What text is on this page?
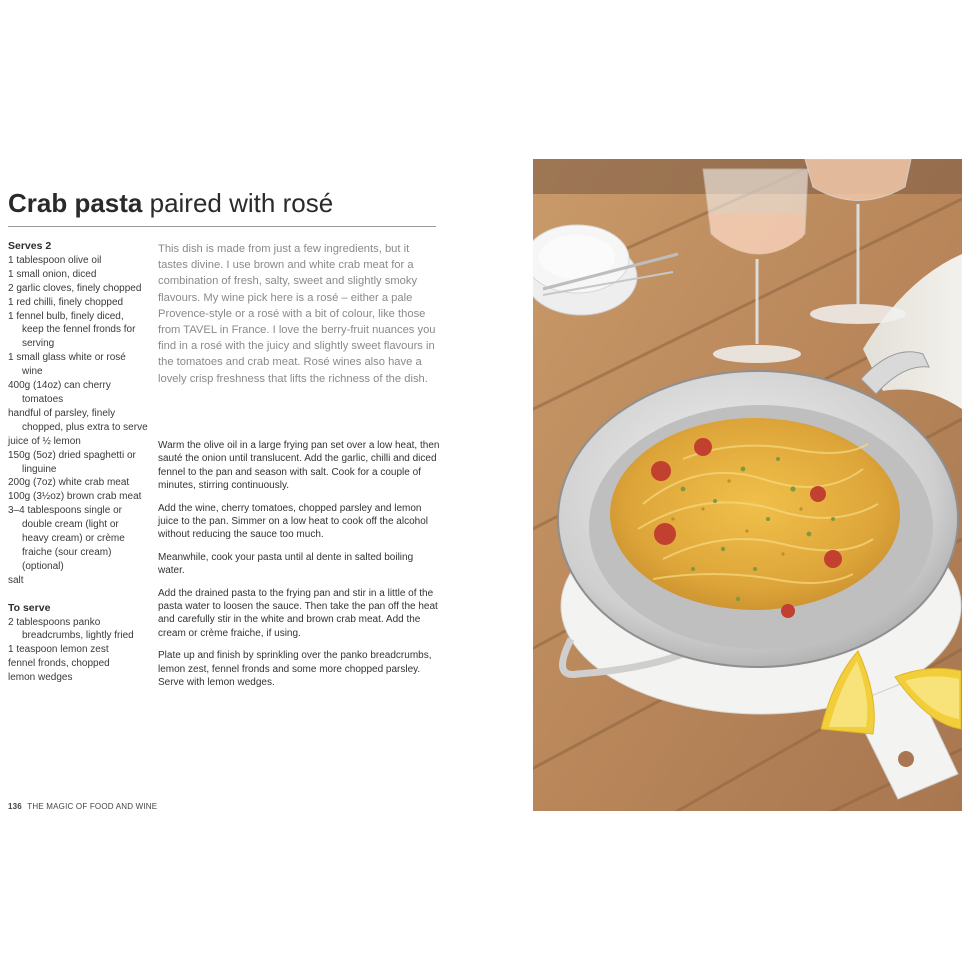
Crab pasta paired with rosé
Serves 2
1 tablespoon olive oil
1 small onion, diced
2 garlic cloves, finely chopped
1 red chilli, finely chopped
1 fennel bulb, finely diced, keep the fennel fronds for serving
1 small glass white or rosé wine
400g (14oz) can cherry tomatoes
handful of parsley, finely chopped, plus extra to serve
juice of ½ lemon
150g (5oz) dried spaghetti or linguine
200g (7oz) white crab meat
100g (3½oz) brown crab meat
3–4 tablespoons single or double cream (light or heavy cream) or crème fraiche (sour cream) (optional)
salt
To serve
2 tablespoons panko breadcrumbs, lightly fried
1 teaspoon lemon zest
fennel fronds, chopped
lemon wedges

This dish is made from just a few ingredients, but it tastes divine. I use brown and white crab meat for a combination of fresh, salty, sweet and slightly smoky flavours. My wine pick here is a rosé – either a pale Provence-style or a rosé with a bit of colour, like those from TAVEL in France. I love the berry-fruit nuances you find in a rosé with the juicy and slightly sweet flavours in the tomatoes and crab meat. Rosé wines also have a lovely crisp freshness that lifts the richness of the dish.

Warm the olive oil in a large frying pan set over a low heat, then sauté the onion until translucent. Add the garlic, chilli and diced fennel to the pan and season with salt. Cook for a couple of minutes, stirring continuously.

Add the wine, cherry tomatoes, chopped parsley and lemon juice to the pan. Simmer on a low heat to cook off the alcohol without reducing the sauce too much.

Meanwhile, cook your pasta until al dente in salted boiling water.

Add the drained pasta to the frying pan and stir in a little of the pasta water to loosen the sauce. Then take the pan off the heat and carefully stir in the white and brown crab meat. Add the cream or crème fraiche, if using.

Plate up and finish by sprinkling over the panko breadcrumbs, lemon zest, fennel fronds and some more chopped parsley. Serve with lemon wedges.

136 THE MAGIC OF FOOD AND WINE
